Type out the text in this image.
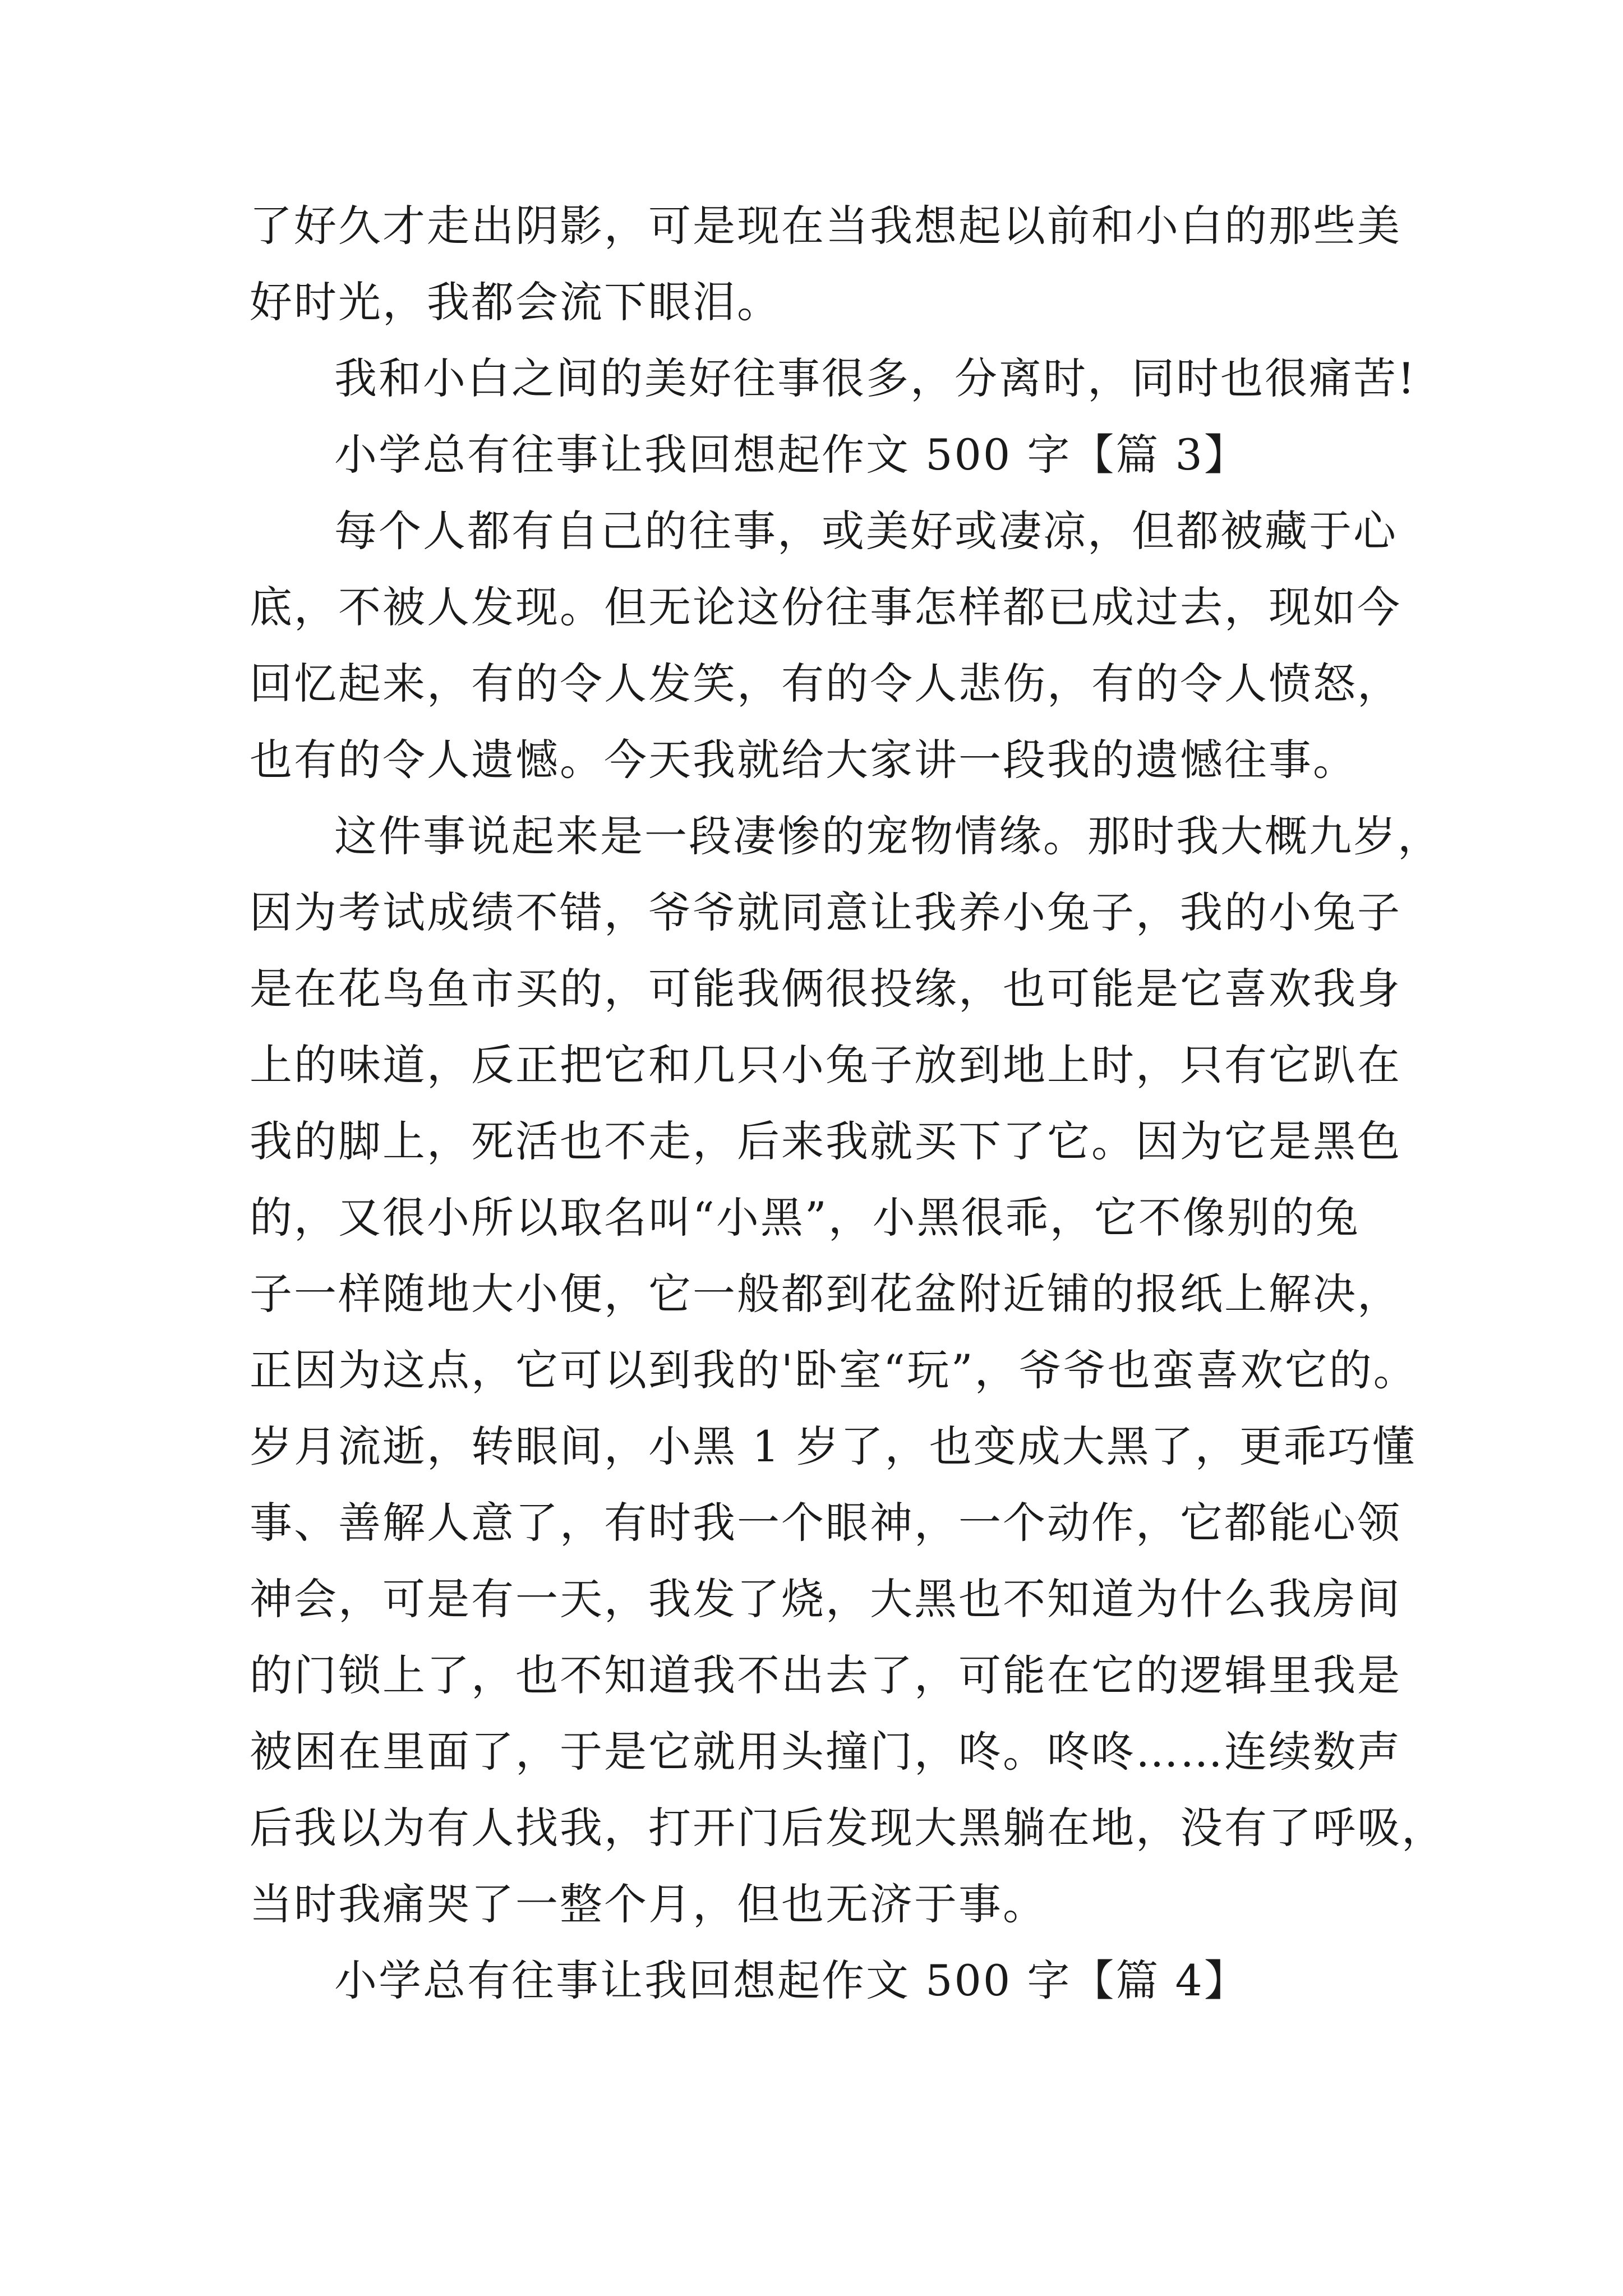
了好久才走出阴影，可是现在当我想起以前和小白的那些美
好时光，我都会流下眼泪。
我和小白之间的美好往事很多，分离时，同时也很痛苦!
小学总有往事让我回想起作文 500 字【篇 3】
每个人都有自己的往事，或美好或凄凉，但都被藏于心
底，不被人发现。但无论这份往事怎样都已成过去，现如今
回忆起来，有的令人发笑，有的令人悲伤，有的令人愤怒，
也有的令人遗憾。今天我就给大家讲一段我的遗憾往事。
这件事说起来是一段凄惨的宠物情缘。那时我大概九岁，
因为考试成绩不错，爷爷就同意让我养小兔子，我的小兔子
是在花鸟鱼市买的，可能我俩很投缘，也可能是它喜欢我身
上的味道，反正把它和几只小兔子放到地上时，只有它趴在
我的脚上，死活也不走，后来我就买下了它。因为它是黑色
的，又很小所以取名叫“小黑”，小黑很乖，它不像别的兔
子一样随地大小便，它一般都到花盆附近铺的报纸上解决，
正因为这点，它可以到我的'卧室“玩”，爷爷也蛮喜欢它的。
岁月流逝，转眼间，小黑 1 岁了，也变成大黑了，更乖巧懂
事、善解人意了，有时我一个眼神，一个动作，它都能心领
神会，可是有一天，我发了烧，大黑也不知道为什么我房间
的门锁上了，也不知道我不出去了，可能在它的逻辑里我是
被困在里面了，于是它就用头撞门，咚。咚咚……连续数声
后我以为有人找我，打开门后发现大黑躺在地，没有了呼吸，
当时我痛哭了一整个月，但也无济于事。
小学总有往事让我回想起作文 500 字【篇 4】
